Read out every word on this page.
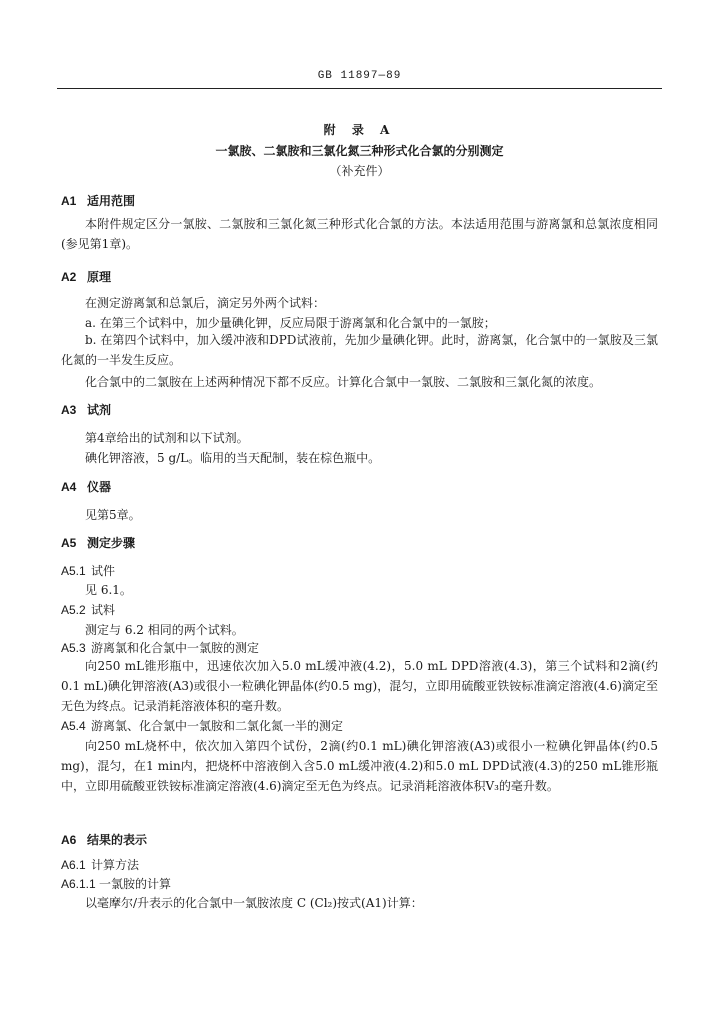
GB 11897—89
附 录 A
一氯胺、二氯胺和三氯化氮三种形式化合氯的分别测定
（补充件）
A1 适用范围
本附件规定区分一氯胺、二氯胺和三氯化氮三种形式化合氯的方法。本法适用范围与游离氯和总氯浓度相同(参见第1章)。
A2 原理
在测定游离氯和总氯后，滴定另外两个试料：
a. 在第三个试料中，加少量碘化钾，反应局限于游离氯和化合氯中的一氯胺；
b. 在第四个试料中，加入缓冲液和DPD试液前，先加少量碘化钾。此时，游离氯，化合氯中的一氯胺及三氯化氮的一半发生反应。
化合氯中的二氯胺在上述两种情况下都不反应。计算化合氯中一氯胺、二氯胺和三氯化氮的浓度。
A3 试剂
第4章给出的试剂和以下试剂。
碘化钾溶液，5 g/L。临用的当天配制，装在棕色瓶中。
A4 仪器
见第5章。
A5 测定步骤
A5.1 试件
见 6.1。
A5.2 试料
测定与 6.2 相同的两个试料。
A5.3 游离氯和化合氯中一氯胺的测定
向250 mL锥形瓶中，迅速依次加入5.0 mL缓冲液(4.2)，5.0 mL DPD溶液(4.3)，第三个试料和2滴(约0.1 mL)碘化钾溶液(A3)或很小一粒碘化钾晶体(约0.5 mg)，混匀，立即用硫酸亚铁铵标准滴定溶液(4.6)滴定至无色为终点。记录消耗溶液体积的毫升数。
A5.4 游离氯、化合氯中一氯胺和二氯化氮一半的测定
向250 mL烧杯中，依次加入第四个试份，2滴(约0.1 mL)碘化钾溶液(A3)或很小一粒碘化钾晶体(约0.5 mg)，混匀，在1 min内，把烧杯中溶液倒入含5.0 mL缓冲液(4.2)和5.0 mL DPD试液(4.3)的250 mL锥形瓶中，立即用硫酸亚铁铵标准滴定溶液(4.6)滴定至无色为终点。记录消耗溶液体积V₃的毫升数。
A6 结果的表示
A6.1 计算方法
A6.1.1 一氯胺的计算
以毫摩尔/升表示的化合氯中一氯胺浓度 C (Cl₂)按式(A1)计算：
